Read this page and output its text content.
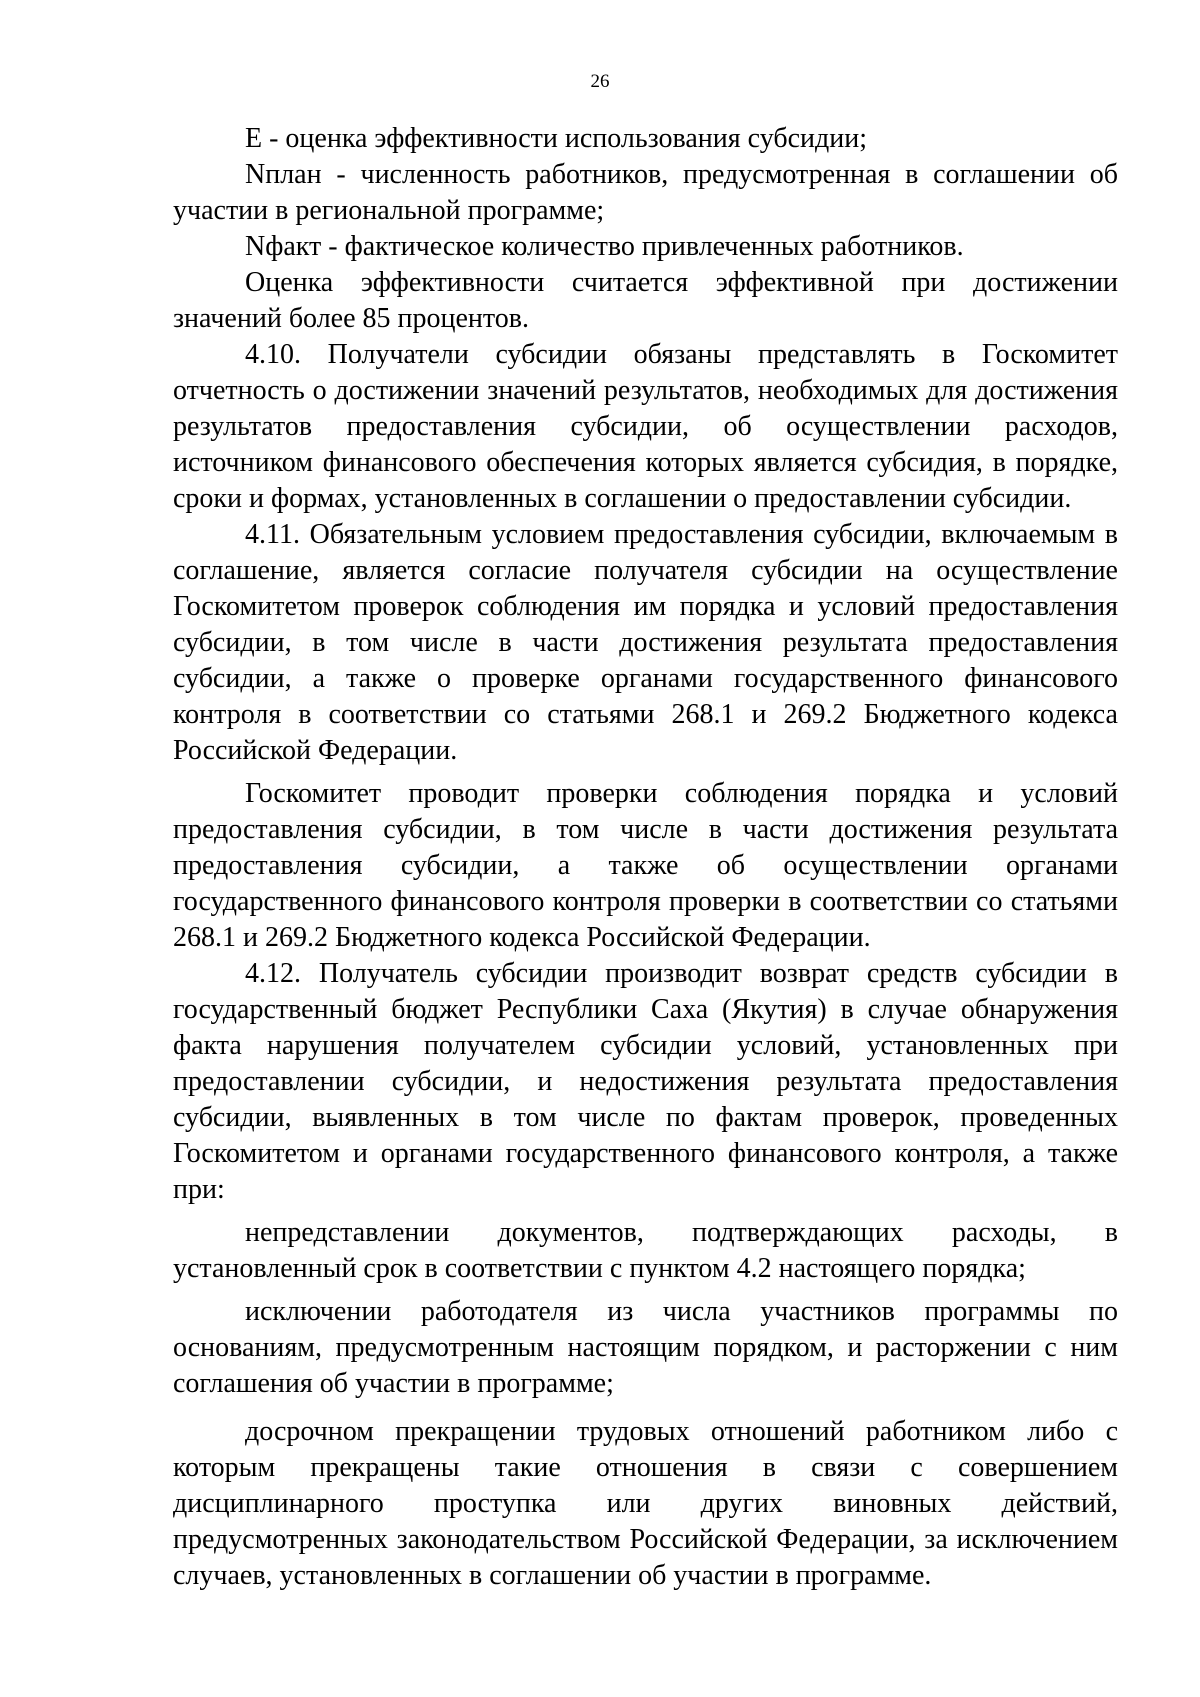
26

Е - оценка эффективности использования субсидии;

Nплан - численность работников, предусмотренная в соглашении об участии в региональной программе;

Nфакт - фактическое количество привлеченных работников.

Оценка эффективности считается эффективной при достижении значений более 85 процентов.

4.10. Получатели субсидии обязаны представлять в Госкомитет отчетность о достижении значений результатов, необходимых для достижения результатов предоставления субсидии, об осуществлении расходов, источником финансового обеспечения которых является субсидия, в порядке, сроки и формах, установленных в соглашении о предоставлении субсидии.

4.11. Обязательным условием предоставления субсидии, включаемым в соглашение, является согласие получателя субсидии на осуществление Госкомитетом проверок соблюдения им порядка и условий предоставления субсидии, в том числе в части достижения результата предоставления субсидии, а также о проверке органами государственного финансового контроля в соответствии со статьями 268.1 и 269.2 Бюджетного кодекса Российской Федерации.

Госкомитет проводит проверки соблюдения порядка и условий предоставления субсидии, в том числе в части достижения результата предоставления субсидии, а также об осуществлении органами государственного финансового контроля проверки в соответствии со статьями 268.1 и 269.2 Бюджетного кодекса Российской Федерации.

4.12. Получатель субсидии производит возврат средств субсидии в государственный бюджет Республики Саха (Якутия) в случае обнаружения факта нарушения получателем субсидии условий, установленных при предоставлении субсидии, и недостижения результата предоставления субсидии, выявленных в том числе по фактам проверок, проведенных Госкомитетом и органами государственного финансового контроля, а также при:

непредставлении документов, подтверждающих расходы, в установленный срок в соответствии с пунктом 4.2 настоящего порядка;

исключении работодателя из числа участников программы по основаниям, предусмотренным настоящим порядком, и расторжении с ним соглашения об участии в программе;

досрочном прекращении трудовых отношений работником либо с которым прекращены такие отношения в связи с совершением дисциплинарного проступка или других виновных действий, предусмотренных законодательством Российской Федерации, за исключением случаев, установленных в соглашении об участии в программе.
